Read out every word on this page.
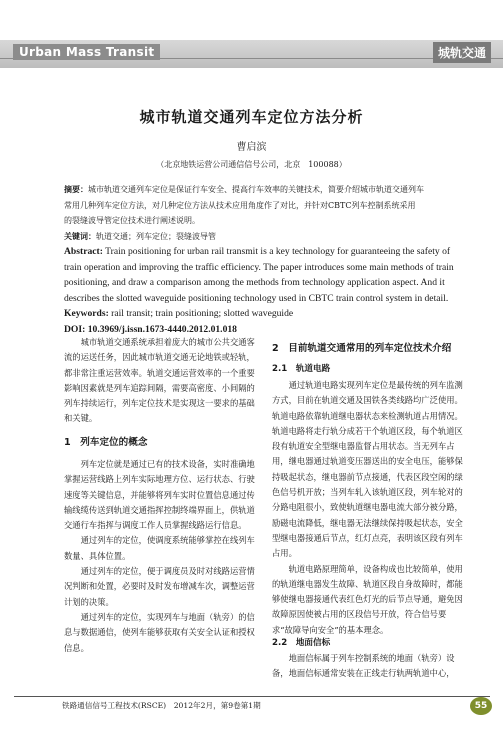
Urban Mass Transit	城轨交通
城市轨道交通列车定位方法分析
曹启滨
（北京地铁运营公司通信信号公司，北京　100088）
摘要：城市轨道交通列车定位是保证行车安全、提高行车效率的关键技术，简要介绍城市轨道交通列车
常用几种列车定位方法，对几种定位方法从技术应用角度作了对比，并针对CBTC列车控制系统采用
的裂缝波导管定位技术进行阐述说明。
关键词：轨道交通；列车定位；裂缝波导管
Abstract: Train positioning for urban rail transmit is a key technology for guaranteeing the safety of
train operation and improving the traffic efficiency. The paper introduces some main methods of train
positioning, and draw a comparison among the methods from technology application aspect. And it
describes the slotted waveguide positioning technology used in CBTC train control system in detail.
Keywords: rail transit; train positioning; slotted waveguide
DOI: 10.3969/j.issn.1673-4440.2012.01.018

城市轨道交通系统承担着庞大的城市公共交通客流的运送任务，因此城市轨道交通无论地铁或轻轨，都非常注重运营效率。轨道交通运营效率的一个重要影响因素就是列车追踪间隔，需要高密度、小间隔的列车持续运行，列车定位技术是实现这一要求的基础和关键。

1　列车定位的概念

列车定位就是通过已有的技术设备，实时准确地掌握运营线路上列车实际地理方位、运行状态、行驶速度等关键信息，并能够将列车实时位置信息通过传输线缆传送到轨道交通指挥控制终端界面上，供轨道交通行车指挥与调度工作人员掌握线路运行信息。

通过列车的定位，使调度系统能够掌控在线列车数量、具体位置。

通过列车的定位，便于调度员及时对线路运营情况判断和处置，必要时及时发布增减车次，调整运营计划的决策。

通过列车的定位，实现列车与地面（轨旁）的信息与数据通信，使列车能够获取有关安全认证和授权信息。

2　目前轨道交通常用的列车定位技术介绍
2.1　轨道电路

通过轨道电路实现列车定位是最传统的列车监测方式，目前在轨道交通及国铁各类线路均广泛使用。轨道电路依靠轨道继电器状态来检测轨道占用情况。轨道电路将走行轨分成若干个轨道区段，每个轨道区段有轨道安全型继电器监督占用状态。当无列车占用，继电器通过轨道变压器送出的安全电压，能够保持吸起状态，继电器前节点接通，代表区段空闲的绿色信号机开放；当列车轧入该轨道区段，列车轮对的分路电阻很小，致使轨道继电器电流大部分被分路，励磁电流降低，继电器无法继续保持吸起状态，安全型继电器接通后节点，红灯点亮，表明该区段有列车占用。

轨道电路原理简单，设备构成也比较简单，使用的轨道继电器发生故障、轨道区段自身故障时，都能够使继电器接通代表红色灯光的后节点导通，避免因故障原因使被占用的区段信号开放，符合信号要求“故障导向安全”的基本理念。

2.2　地面信标

地面信标属于列车控制系统的地面（轨旁）设备，地面信标通常安装在正线走行轨两轨道中心，

铁路通信信号工程技术(RSCE)　2012年2月，第9卷第1期	55
